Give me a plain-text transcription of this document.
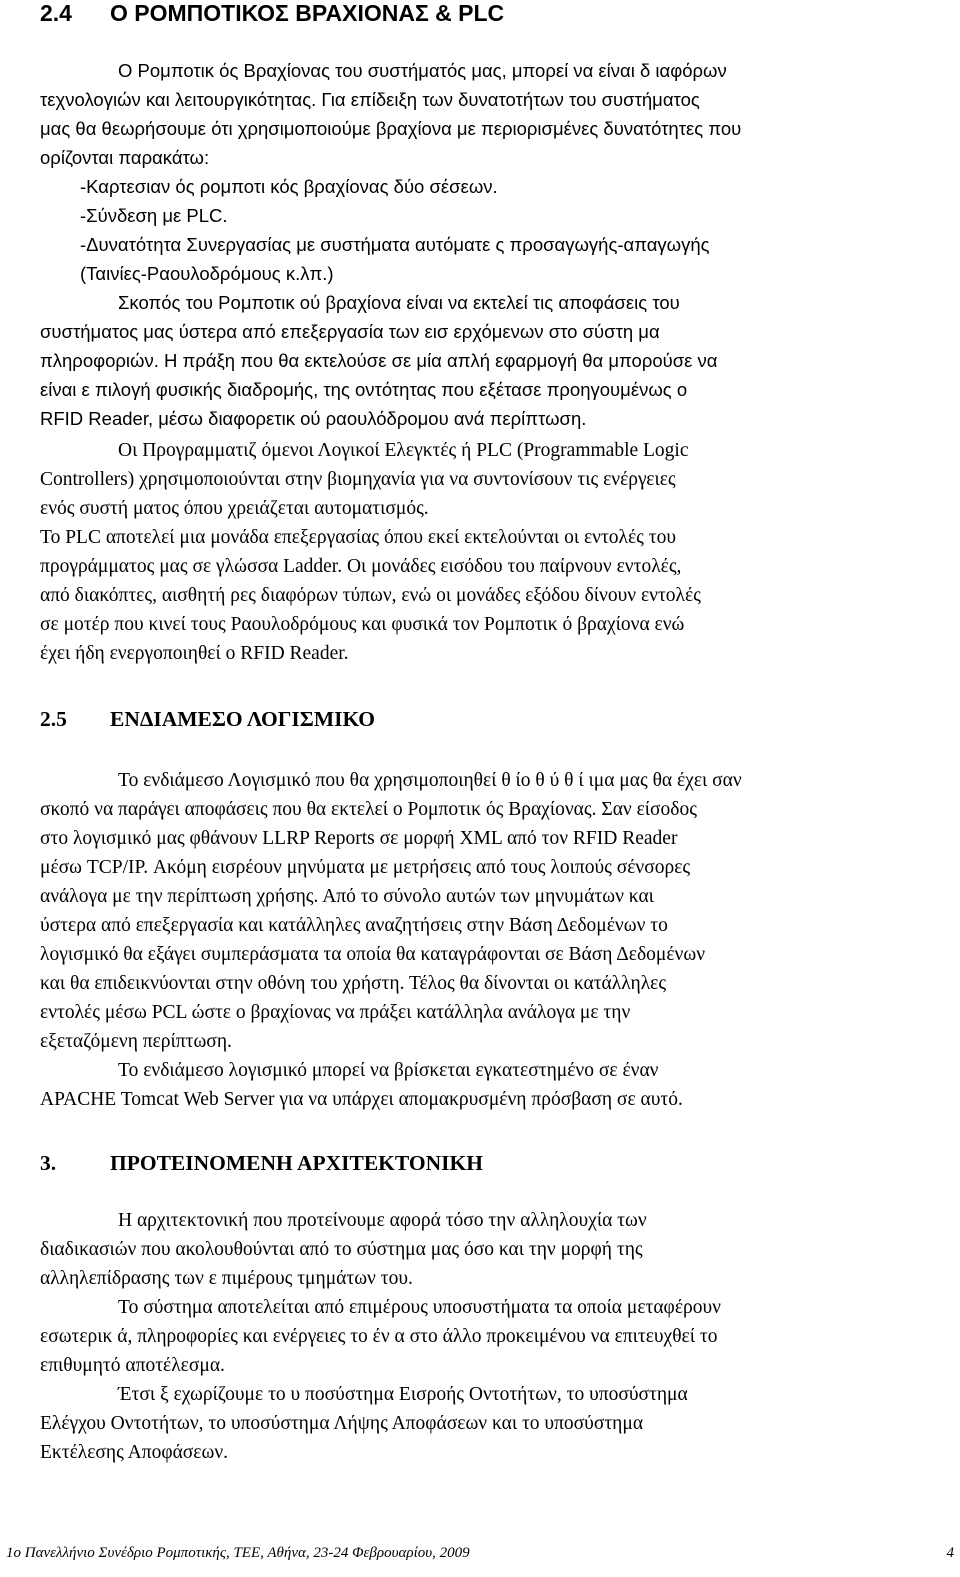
2.4 Ο ΡΟΜΠΟΤΙΚΟΣ ΒΡΑΧΙΟΝΑΣ & PLC
Ο Ρομποτικ ός Βραχίονας του συστήματός μας, μπορεί να είναι δ ιαφόρων
τεχνολογιών και λειτουργικότητας. Για επίδειξη των δυνατοτήτων του συστήματος
μας θα θεωρήσουμε ότι χρησιμοποιούμε βραχίονα με περιορισμένες δυνατότητες που
ορίζονται παρακάτω:
-Καρτεσιαν ός ρομποτι κός βραχίονας δύο σέσεων.
-Σύνδεση με PLC.
-Δυνατότητα Συνεργασίας με συστήματα αυτόματε ς προσαγωγής-απαγωγής
(Ταινίες-Ραουλοδρόμους κ.λπ.)
Σκοπός του Ρομποτικ ού βραχίονα είναι να εκτελεί τις αποφάσεις του
συστήματος μας ύστερα από επεξεργασία των εισ ερχόμενων στο σύστη μα
πληροφοριών. Η πράξη που θα εκτελούσε σε μία απλή εφαρμογή θα μπορούσε να
είναι ε πιλογή φυσικής διαδρομής, της οντότητας που εξέτασε προηγουμένως ο
RFID Reader, μέσω διαφορετικ ού ραουλόδρομου ανά περίπτωση.
Οι Προγραμματιζ όμενοι Λογικοί Ελεγκτές ή PLC (Programmable Logic
Controllers) χρησιμοποιούνται στην βιομηχανία για να συντονίσουν τις ενέργειες
ενός συστή ματος όπου χρειάζεται αυτοματισμός.
Το PLC αποτελεί μια μονάδα επεξεργασίας όπου εκεί εκτελούνται οι εντολές του
προγράμματος μας σε γλώσσα Ladder. Οι μονάδες εισόδου του παίρνουν εντολές,
από διακόπτες, αισθητή ρες διαφόρων τύπων, ενώ οι μονάδες εξόδου δίνουν εντολές
σε μοτέρ που κινεί τους Ραουλοδρόμους και φυσικά τον Ρομποτικ ό βραχίονα ενώ
έχει ήδη ενεργοποιηθεί ο RFID Reader.
2.5 ΕΝΔΙΑΜΕΣΟ ΛΟΓΙΣΜΙΚΟ
Το ενδιάμεσο Λογισμικό που θα χρησιμοποιηθεί θ ίο θ ύ θ ί ιμα μας θα έχει σαν
σκοπό να παράγει αποφάσεις που θα εκτελεί ο Ρομποτικ ός Βραχίονας. Σαν είσοδος
στο λογισμικό μας φθάνουν LLRP Reports σε μορφή XML από τον RFID Reader
μέσω TCP/IP. Ακόμη εισρέουν μηνύματα με μετρήσεις από τους λοιπούς σένσορες
ανάλογα με την περίπτωση χρήσης. Από το σύνολο αυτών των μηνυμάτων και
ύστερα από επεξεργασία και κατάλληλες αναζητήσεις στην Βάση Δεδομένων το
λογισμικό θα εξάγει συμπεράσματα τα οποία θα καταγράφονται σε Βάση Δεδομένων
και θα επιδεικνύονται στην οθόνη του χρήστη. Τέλος θα δίνονται οι κατάλληλες
εντολές μέσω PCL ώστε ο βραχίονας να πράξει κατάλληλα ανάλογα με την
εξεταζόμενη περίπτωση.
Το ενδιάμεσο λογισμικό μπορεί να βρίσκεται εγκατεστημένο σε έναν
APACHE Tomcat Web Server για να υπάρχει απομακρυσμένη πρόσβαση σε αυτό.
3.	ΠΡΟΤΕΙΝΟΜΕΝΗ ΑΡΧΙΤΕΚΤΟΝΙΚΗ
Η αρχιτεκτονική που προτείνουμε αφορά τόσο την αλληλουχία των
διαδικασιών που ακολουθούνται από το σύστημα μας όσο και την μορφή της
αλληλεπίδρασης των ε πιμέρους τμημάτων του.
Το σύστημα αποτελείται από επιμέρους υποσυστήματα τα οποία μεταφέρουν
εσωτερικ ά, πληροφορίες και ενέργειες το έν α στο άλλο προκειμένου να επιτευχθεί το
επιθυμητό αποτέλεσμα.
Έτσι ξ εχωρίζουμε το υ ποσύστημα Εισροής Οντοτήτων, το υποσύστημα
Ελέγχου Οντοτήτων, το υποσύστημα Λήψης Αποφάσεων και το υποσύστημα
Εκτέλεσης Αποφάσεων.
1ο Πανελλήνιο Συνέδριο Ρομποτικής, ΤΕΕ, Αθήνα, 23-24 Φεβρουαρίου, 2009	4
